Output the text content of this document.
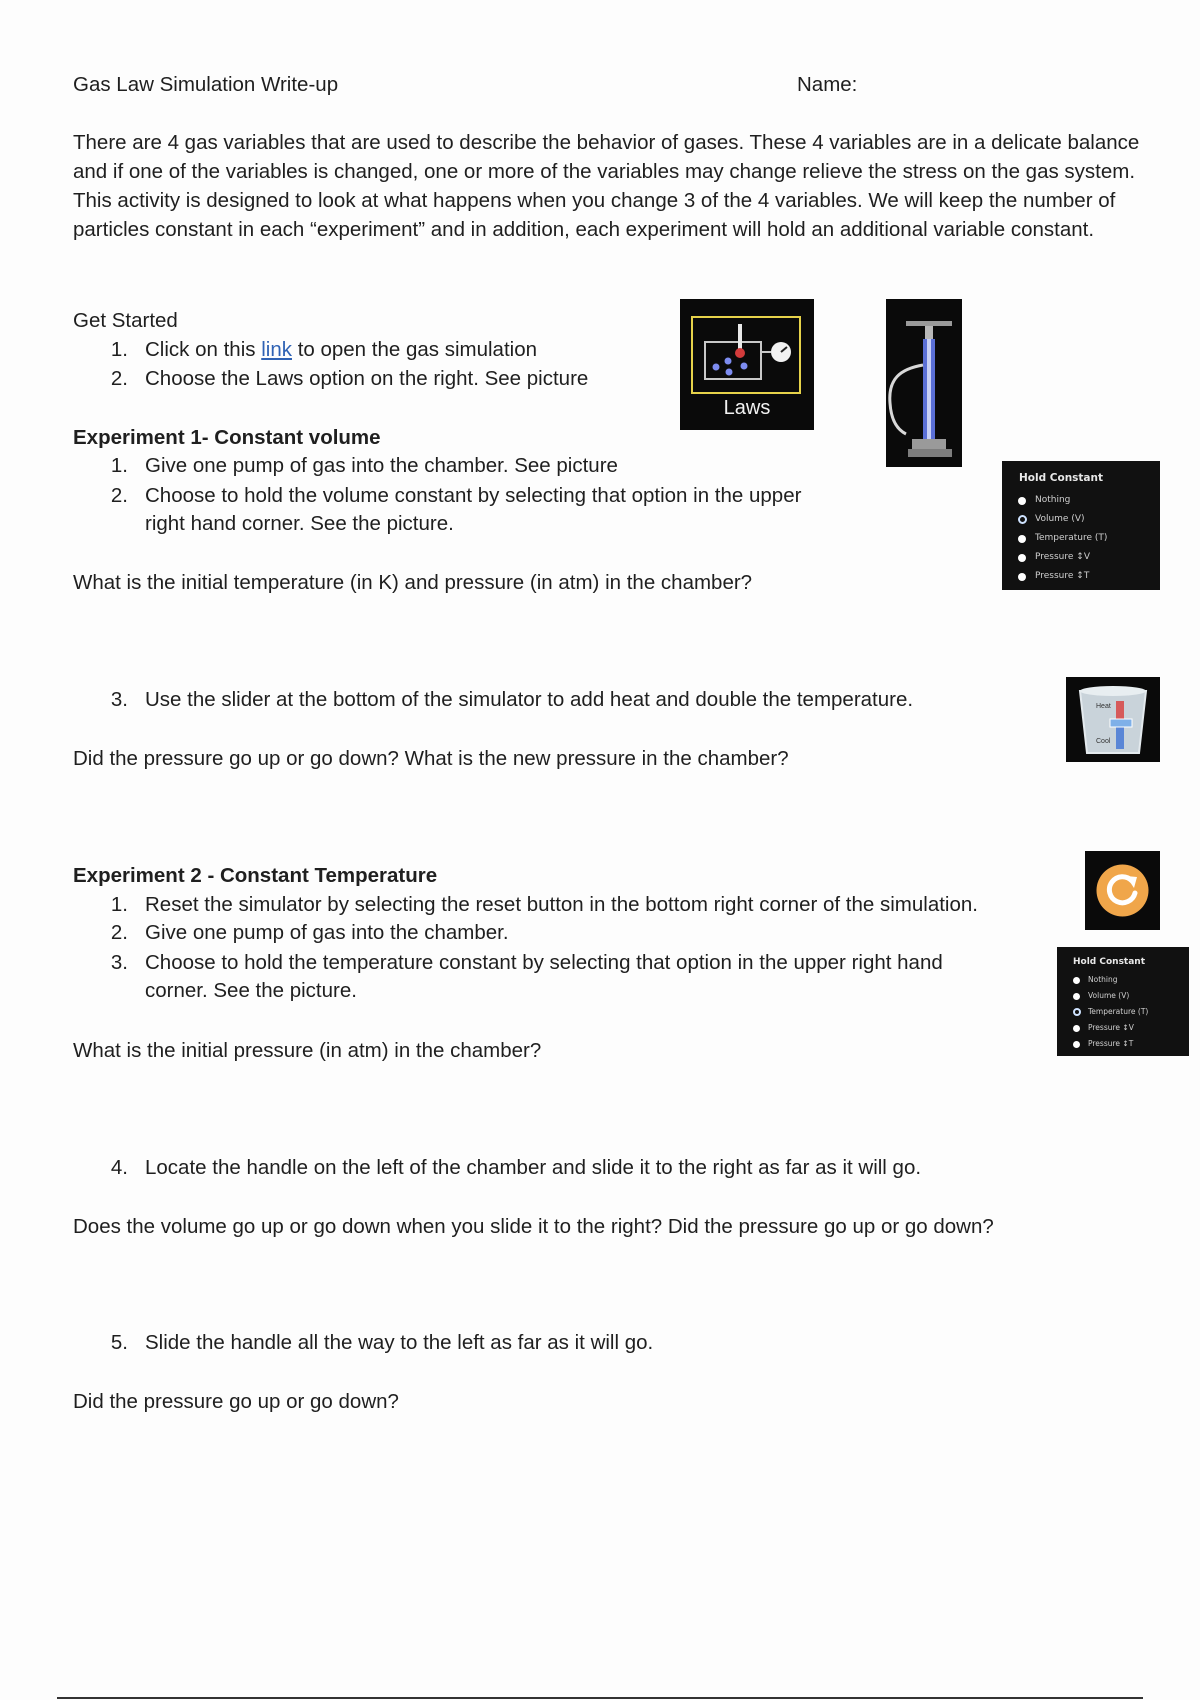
Gas Law Simulation Write-up	Name:
There are 4 gas variables that are used to describe the behavior of gases. These 4 variables are in a delicate balance and if one of the variables is changed, one or more of the variables may change relieve the stress on the gas system. This activity is designed to look at what happens when you change 3 of the 4 variables. We will keep the number of particles constant in each “experiment” and in addition, each experiment will hold an additional variable constant.
Get Started
1. Click on this link to open the gas simulation
2. Choose the Laws option on the right. See picture
Laws
Experiment 1- Constant volume
1. Give one pump of gas into the chamber. See picture
2. Choose to hold the volume constant by selecting that option in the upper
right hand corner. See the picture.
What is the initial temperature (in K) and pressure (in atm) in the chamber?
Hold Constant
Nothing
Volume (V)
Temperature (T)
Pressure ↕V
Pressure ↕T
3. Use the slider at the bottom of the simulator to add heat and double the temperature.	Heat
Cool
Did the pressure go up or go down? What is the new pressure in the chamber?
Experiment 2 - Constant Temperature
1. Reset the simulator by selecting the reset button in the bottom right corner of the simulation.
2. Give one pump of gas into the chamber.
3. Choose to hold the temperature constant by selecting that option in the upper right hand
corner. See the picture.
Hold Constant
Nothing
Volume (V)
Temperature (T)
Pressure ↕V
Pressure ↕T
What is the initial pressure (in atm) in the chamber?
4. Locate the handle on the left of the chamber and slide it to the right as far as it will go.
Does the volume go up or go down when you slide it to the right? Did the pressure go up or go down?
5. Slide the handle all the way to the left as far as it will go.
Did the pressure go up or go down?
